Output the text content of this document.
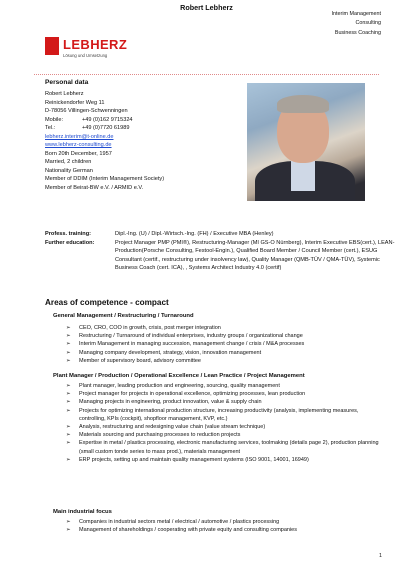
Robert Lebherz
Interim Management
Consulting
Business Coaching
LEBHERZ
Lösung und Umsetzung
Personal data
Robert Lebherz
Reinickendorfer Weg 11
D-78056 Villingen-Schwenningen
Mobile:	+49 (0)162 9715324
Tel.:	+49 (0)7720 61989
lebherz.interim@t-online.de
www.lebherz-consulting.de
Born 20th December, 1957
Married, 2 children
Nationality German
Member of DDIM (Interim Management Society)
Member of Beirat-BW e.V. / ARMID e.V.
Profess. training:	Dipl.-Ing. (U) / Dipl.-Wirtsch.-Ing. (FH) / Executive MBA (Henley)
Further education:	Project Manager PMP (PMI®), Restructuring-Manager (MI GS-O Nürnberg), Interim Executive EBS(cert.), LEAN-Production(Porsche Consulting, Festool-Engin.), Qualified Board Member / Council Member (cert.), ESUG Consultant (certif., restructuring under insolvency law), Quality Manager (QMB-TÜV / QMA-TÜV), Systemic Business Coach (cert. ICA), , Systems Architect Industry 4.0 (certif)
Areas of competence - compact
General Management / Restructuring / Turnaround
➢ CEO, CRO, COO in growth, crisis, post merger integration
➢ Restructuring / Turnaround of individual enterprises, industry groups / organizational change
➢ Interim Management in managing succession, management change / crisis / M&A processes
➢ Managing company development, strategy, vision, innovation management
➢ Member of supervisory board, advisory committee
Plant Manager / Production / Operational Excellence / Lean Practice / Project Management
➢ Plant manager, leading production and engineering, sourcing, quality management
➢ Project manager for projects in operational excellence, optimizing processes, lean production
➢ Managing projects in engineering, product innovation, value & supply chain
➢ Projects for optimizing international production structure, increasing productivity (analysis, implementing measures, controlling, KPIs (cockpit), shopfloor management, KVP, etc.)
➢ Analysis, restructuring and redesigning value chain (value stream technique)
➢ Materials sourcing and purchasing processes to reduction projects
➢ Expertise in metal / plastics processing, electronic manufacturing services, toolmaking (details page 2), production planning (small custom tonde series to mass prod.), materials management
➢ ERP projects, setting up and maintain quality management systems (ISO 9001, 14001, 16949)
Main industrial focus
➢ Companies in industrial sectors metal / electrical / automotive / plastics processing
➢ Management of shareholdings / cooperating with private equity and consulting companies
1
